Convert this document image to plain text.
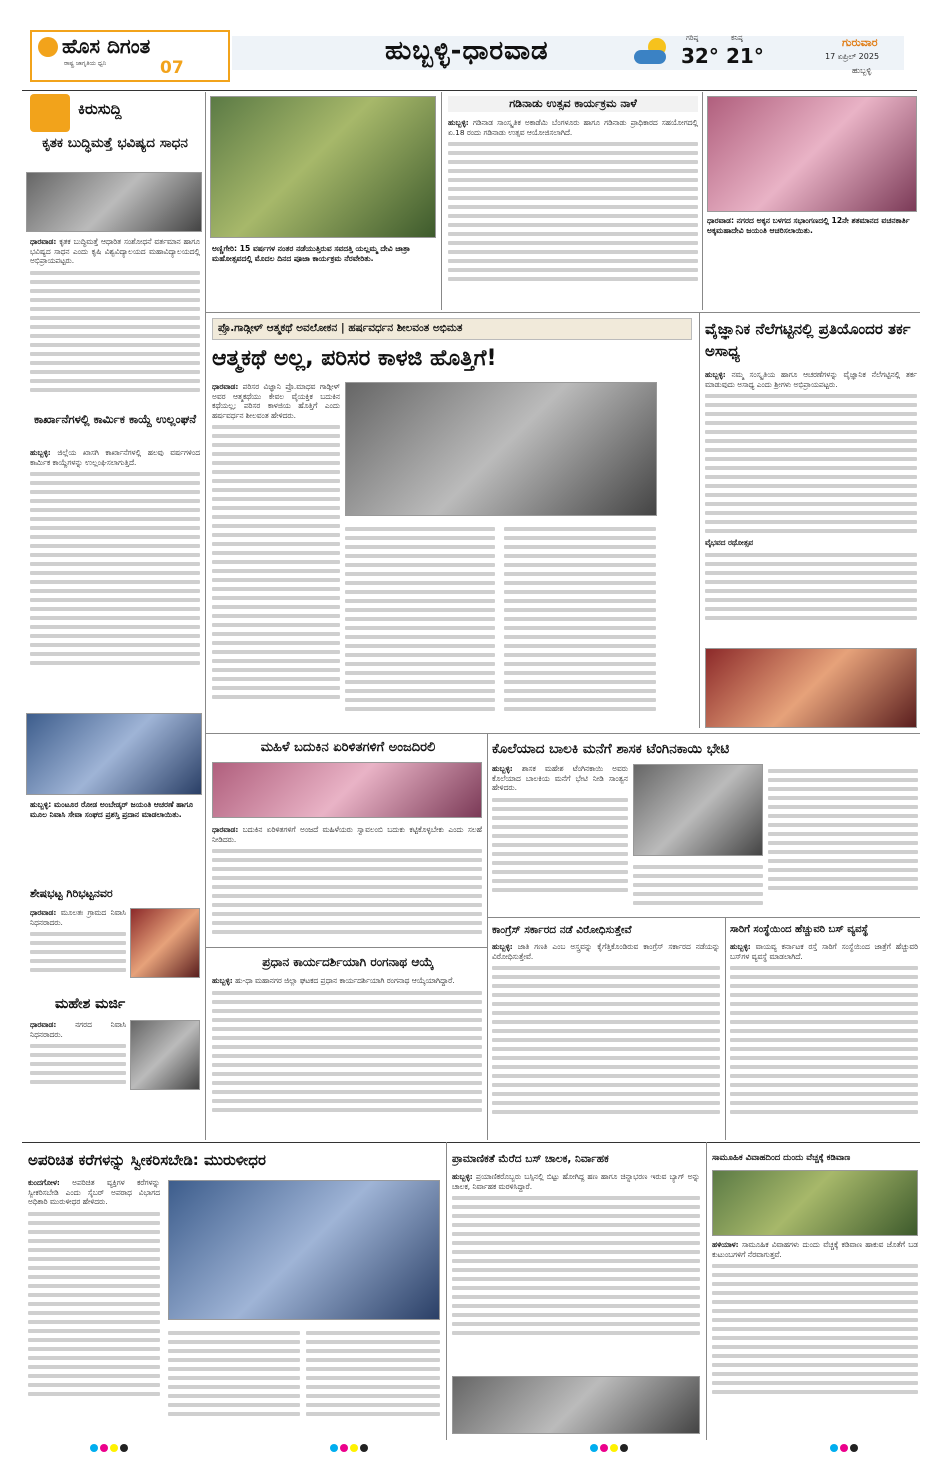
ಹೊಸ ದಿಗಂತ
ರಾಷ್ಟ್ರ ಜಾಗೃತಿಯ ಧ್ವನಿ	07
ಹುಬ್ಬಳ್ಳಿ-ಧಾರವಾಡ	ಗರಿಷ್ಠ
32°
ಕನಿಷ್ಠ
21°
ಗುರುವಾರ
17 ಏಪ್ರಿಲ್ 2025
ಹುಬ್ಬಳ್ಳಿ
ಕಿರುಸುದ್ದಿ
ಕೃತಕ ಬುದ್ಧಿಮತ್ತೆ ಭವಿಷ್ಯದ ಸಾಧನ
ಧಾರವಾಡ: ಕೃತಕ ಬುದ್ಧಿಮತ್ತೆ ಆಧಾರಿತ ಸಂಶೋಧನೆ ವರ್ತಮಾನ ಹಾಗೂ ಭವಿಷ್ಯದ ಸಾಧನ ಎಂದು ಕೃಷಿ ವಿಶ್ವವಿದ್ಯಾಲಯದ ಮಹಾವಿದ್ಯಾಲಯದಲ್ಲಿ ಅಭಿಪ್ರಾಯಪಟ್ಟರು.
ಕಾರ್ಖಾನೆಗಳಲ್ಲಿ ಕಾರ್ಮಿಕ ಕಾಯ್ದೆ ಉಲ್ಲಂಘನೆ
ಹುಬ್ಬಳ್ಳಿ: ಜಿಲ್ಲೆಯ ಖಾಸಗಿ ಕಾರ್ಖಾನೆಗಳಲ್ಲಿ ಹಲವು ವರ್ಷಗಳಿಂದ ಕಾರ್ಮಿಕ ಕಾಯ್ದೆಗಳನ್ನು ಉಲ್ಲಂಘಿಸಲಾಗುತ್ತಿದೆ.
ಹುಬ್ಬಳ್ಳಿ: ಮಂಟೂರ ರೋಡ ಅಂಬೇಡ್ಕರ್ ಜಯಂತಿ ಆಚರಣೆ ಹಾಗೂ ಮೂಲ ನಿವಾಸಿ ಸೇವಾ ಸಂಘದ ಪ್ರಶಸ್ತಿ ಪ್ರದಾನ ಮಾಡಲಾಯಿತು.
ಶೇಷಭಟ್ಟ ಗಿರಿಭಟ್ಟನವರ
ಧಾರವಾಡ: ಮೂಲತಃ ಗ್ರಾಮದ ನಿವಾಸಿ ನಿಧನರಾದರು.
ಮಹೇಶ ಮರ್ಜಿ
ಧಾರವಾಡ:	ನಗರದ ನಿವಾಸಿ ನಿಧನರಾದರು.
ಅಣ್ಣಿಗೇರಿ: 15 ವರ್ಷಗಳ ನಂತರ ನಡೆಯುತ್ತಿರುವ ಸವದತ್ತಿ ಯಲ್ಲಮ್ಮ ದೇವಿ ಜಾತ್ರಾ ಮಹೋತ್ಸವದಲ್ಲಿ ಮೊದಲ ದಿನದ ಪೂಜಾ ಕಾರ್ಯಕ್ರಮ ನೆರವೇರಿತು.
ಗಡಿನಾಡು ಉತ್ಸವ ಕಾರ್ಯಕ್ರಮ ನಾಳೆ
ಹುಬ್ಬಳ್ಳಿ: ಗಡಿನಾಡ ಸಾಂಸ್ಕೃತಿಕ ಅಕಾಡೆಮಿ ಬೆಂಗಳೂರು ಹಾಗೂ ಗಡಿನಾಡು ಪ್ರಾಧಿಕಾರದ ಸಹಯೋಗದಲ್ಲಿ ಏ.18 ರಂದು ಗಡಿನಾಡು ಉತ್ಸವ ಆಯೋಜಿಸಲಾಗಿದೆ.
ಧಾರವಾಡ: ನಗರದ ಅಕ್ಕನ ಬಳಗದ ಸಭಾಂಗಣದಲ್ಲಿ 12ನೇ ಶತಮಾನದ ವಚನಕಾರ್ತಿ ಅಕ್ಕಮಹಾದೇವಿ ಜಯಂತಿ ಆಚರಿಸಲಾಯಿತು.
ಪ್ರೊ.ಗಾಡ್ಗೀಳ್ ಆತ್ಮಕಥೆ ಅವಲೋಕನ | ಹರ್ಷವರ್ಧನ ಶೀಲವಂತ ಅಭಿಮತ
ಆತ್ಮಕಥೆ ಅಲ್ಲ, ಪರಿಸರ ಕಾಳಜಿ ಹೊತ್ತಿಗೆ!
ಧಾರವಾಡ: ಪರಿಸರ ವಿಜ್ಞಾನಿ ಪ್ರೊ.ಮಾಧವ ಗಾಡ್ಗೀಳ್ ಅವರ ಆತ್ಮಕಥೆಯು ಕೇವಲ ವೈಯಕ್ತಿಕ ಬದುಕಿನ ಕಥೆಯಲ್ಲ; ಪರಿಸರ ಕಾಳಜಿಯ ಹೊತ್ತಿಗೆ ಎಂದು ಹರ್ಷವರ್ಧನ ಶೀಲವಂತ ಹೇಳಿದರು.
ವೈಜ್ಞಾನಿಕ ನೆಲೆಗಟ್ಟಿನಲ್ಲಿ ಪ್ರತಿಯೊಂದರ ತರ್ಕ ಅಸಾಧ್ಯ
ಹುಬ್ಬಳ್ಳಿ: ನಮ್ಮ ಸಂಸ್ಕೃತಿಯ ಹಾಗೂ ಆಚರಣೆಗಳನ್ನು ವೈಜ್ಞಾನಿಕ ನೆಲೆಗಟ್ಟಿನಲ್ಲಿ ತರ್ಕ ಮಾಡುವುದು ಅಸಾಧ್ಯ ಎಂದು ಶ್ರೀಗಳು ಅಭಿಪ್ರಾಯಪಟ್ಟರು.
ವೈಭವದ ರಥೋತ್ಸವ
ಮಹಿಳೆ ಬದುಕಿನ ಏರಿಳಿತಗಳಿಗೆ ಅಂಜದಿರಲಿ
ಧಾರವಾಡ: ಬದುಕಿನ ಏರಿಳಿತಗಳಿಗೆ ಅಂಜದೆ ಮಹಿಳೆಯರು ಸ್ವಾವಲಂಬಿ ಬದುಕು ಕಟ್ಟಿಕೊಳ್ಳಬೇಕು ಎಂದು ಸಲಹೆ ನೀಡಿದರು.
ಪ್ರಧಾನ ಕಾರ್ಯದರ್ಶಿಯಾಗಿ ರಂಗನಾಥ ಆಯ್ಕೆ
ಹುಬ್ಬಳ್ಳಿ: ಹು-ಧಾ ಮಹಾನಗರ ಜಿಲ್ಲಾ ಘಟಕದ ಪ್ರಧಾನ ಕಾರ್ಯದರ್ಶಿಯಾಗಿ ರಂಗನಾಥ ಆಯ್ಕೆಯಾಗಿದ್ದಾರೆ.
ಕೊಲೆಯಾದ ಬಾಲಕಿ ಮನೆಗೆ ಶಾಸಕ ಟೆಂಗಿನಕಾಯಿ ಭೇಟಿ
ಹುಬ್ಬಳ್ಳಿ: ಶಾಸಕ ಮಹೇಶ ಟೆಂಗಿನಕಾಯಿ ಅವರು ಕೊಲೆಯಾದ ಬಾಲಕಿಯ ಮನೆಗೆ ಭೇಟಿ ನೀಡಿ ಸಾಂತ್ವನ ಹೇಳಿದರು.
ಕಾಂಗ್ರೆಸ್ ಸರ್ಕಾರದ ನಡೆ ವಿರೋಧಿಸುತ್ತೇವೆ
ಹುಬ್ಬಳ್ಳಿ: ಜಾತಿ ಗಣತಿ ಎಂಬ ಅಸ್ತ್ರವನ್ನು ಕೈಗೆತ್ತಿಕೊಂಡಿರುವ ಕಾಂಗ್ರೆಸ್ ಸರ್ಕಾರದ ನಡೆಯನ್ನು ವಿರೋಧಿಸುತ್ತೇವೆ.
ಸಾರಿಗೆ ಸಂಸ್ಥೆಯಿಂದ ಹೆಚ್ಚುವರಿ ಬಸ್ ವ್ಯವಸ್ಥೆ
ಹುಬ್ಬಳ್ಳಿ: ವಾಯವ್ಯ ಕರ್ನಾಟಕ ರಸ್ತೆ ಸಾರಿಗೆ ಸಂಸ್ಥೆಯಿಂದ ಜಾತ್ರೆಗೆ ಹೆಚ್ಚುವರಿ ಬಸ್‌ಗಳ ವ್ಯವಸ್ಥೆ ಮಾಡಲಾಗಿದೆ.
ಅಪರಿಚಿತ ಕರೆಗಳನ್ನು ಸ್ವೀಕರಿಸಬೇಡಿ: ಮುರುಳೀಧರ
ಕುಂದಗೋಳ: ಅಪರಿಚಿತ ವ್ಯಕ್ತಿಗಳ ಕರೆಗಳನ್ನು ಸ್ವೀಕರಿಸಬೇಡಿ ಎಂದು ಸೈಬರ್ ಅಪರಾಧ ವಿಭಾಗದ ಅಧಿಕಾರಿ ಮುರುಳೀಧರ ಹೇಳಿದರು.
ಪ್ರಾಮಾಣಿಕತೆ ಮೆರೆದ ಬಸ್ ಚಾಲಕ, ನಿರ್ವಾಹಕ
ಹುಬ್ಬಳ್ಳಿ: ಪ್ರಯಾಣಿಕರೊಬ್ಬರು ಬಸ್ಸಿನಲ್ಲಿ ಬಿಟ್ಟು ಹೋಗಿದ್ದ ಹಣ ಹಾಗೂ ಚಿನ್ನಾಭರಣ ಇರುವ ಬ್ಯಾಗ್ ಅನ್ನು ಚಾಲಕ, ನಿರ್ವಾಹಕ ಮರಳಿಸಿದ್ದಾರೆ.
ಸಾಮೂಹಿಕ ವಿವಾಹದಿಂದ ದುಂದು ವೆಚ್ಚಕ್ಕೆ ಕಡಿವಾಣ
ಹಳಿಯಾಳ: ಸಾಮೂಹಿಕ ವಿವಾಹಗಳು ದುಂದು ವೆಚ್ಚಕ್ಕೆ ಕಡಿವಾಣ ಹಾಕುವ ಜೊತೆಗೆ ಬಡ ಕುಟುಂಬಗಳಿಗೆ ನೆರವಾಗುತ್ತವೆ.
